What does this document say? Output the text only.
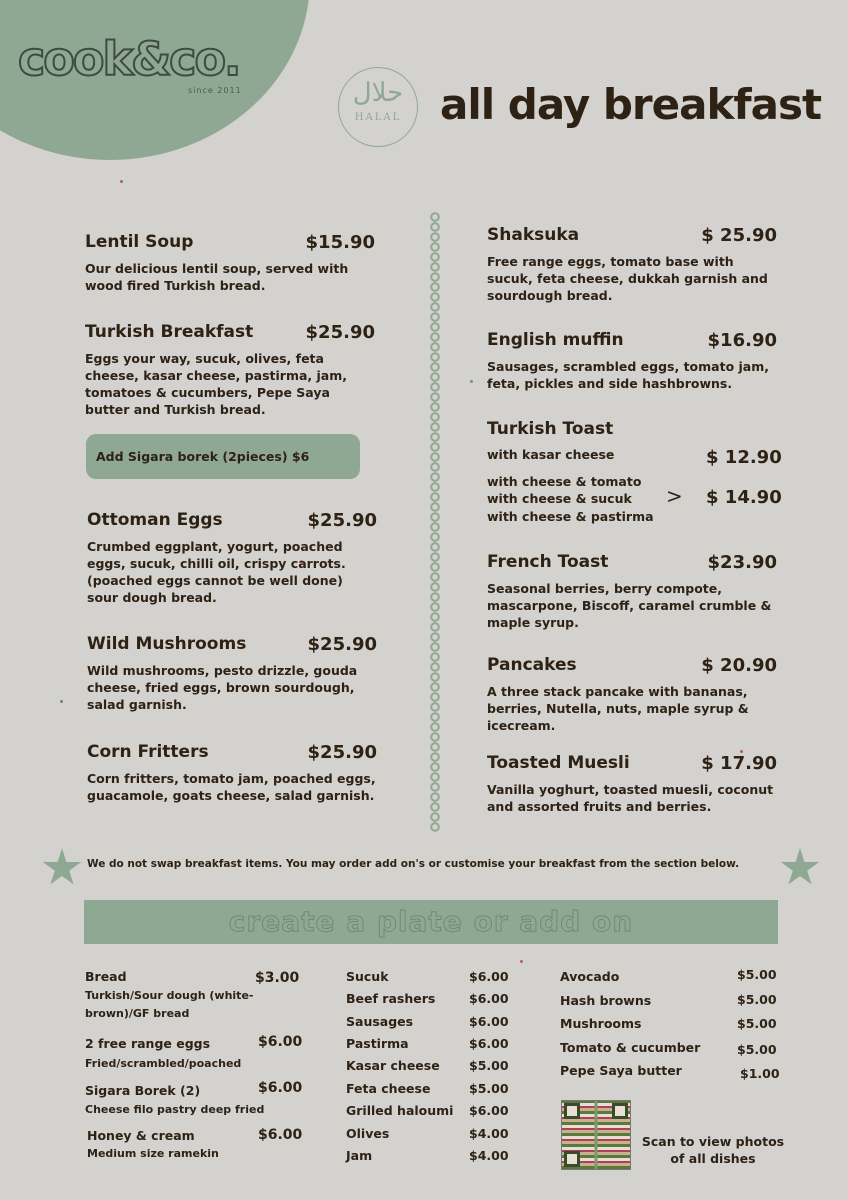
cook&co.
since 2011	حلال
HALAL all day breakfast
Lentil Soup	$15.90
Our delicious lentil soup, served with wood fired Turkish bread.
Turkish Breakfast	$25.90
Eggs your way, sucuk, olives, feta cheese, kasar cheese, pastirma, jam, tomatoes & cucumbers, Pepe Saya butter and Turkish bread.
Add Sigara borek (2pieces) $6
Ottoman Eggs	$25.90
Crumbed eggplant, yogurt, poached eggs, sucuk, chilli oil, crispy carrots. (poached eggs cannot be well done) sour dough bread.
Wild Mushrooms	$25.90
Wild mushrooms, pesto drizzle, gouda cheese, fried eggs, brown sourdough, salad garnish.
Corn Fritters	$25.90
Corn fritters, tomato jam, poached eggs, guacamole, goats cheese, salad garnish.
Shaksuka	$ 25.90
Free range eggs, tomato base with sucuk, feta cheese, dukkah garnish and sourdough bread.
English muffin	$16.90
Sausages, scrambled eggs, tomato jam, feta, pickles and side hashbrowns.
Turkish Toast
with kasar cheese	$ 12.90
with cheese & tomato
with cheese & sucuk
with cheese & pastirma
> $ 14.90
French Toast	$23.90
Seasonal berries, berry compote, mascarpone, Biscoff, caramel crumble & maple syrup.
Pancakes	$ 20.90
A three stack pancake with bananas, berries, Nutella, nuts, maple syrup & icecream.
Toasted Muesli	$ 17.90
Vanilla yoghurt, toasted muesli, coconut and assorted fruits and berries.
We do not swap breakfast items. You may order add on's or customise your breakfast from the section below.
create a plate or add on
Bread	$3.00
Turkish/Sour dough (white-brown)/GF bread
2 free range eggs	$6.00
Fried/scrambled/poached
Sigara Borek (2)	$6.00
Cheese filo pastry deep fried
Honey & cream	$6.00
Medium size ramekin
Sucuk	$6.00
Beef rashers	$6.00
Sausages	$6.00
Pastirma	$6.00
Kasar cheese $5.00
Feta cheese	$5.00
Grilled haloumi $6.00
Olives	$4.00
Jam	$4.00
Avocado	$5.00
Hash browns	$5.00
Mushrooms	$5.00
Tomato & cucumber	$5.00
Pepe Saya butter	$1.00
Scan to view photos of all dishes
